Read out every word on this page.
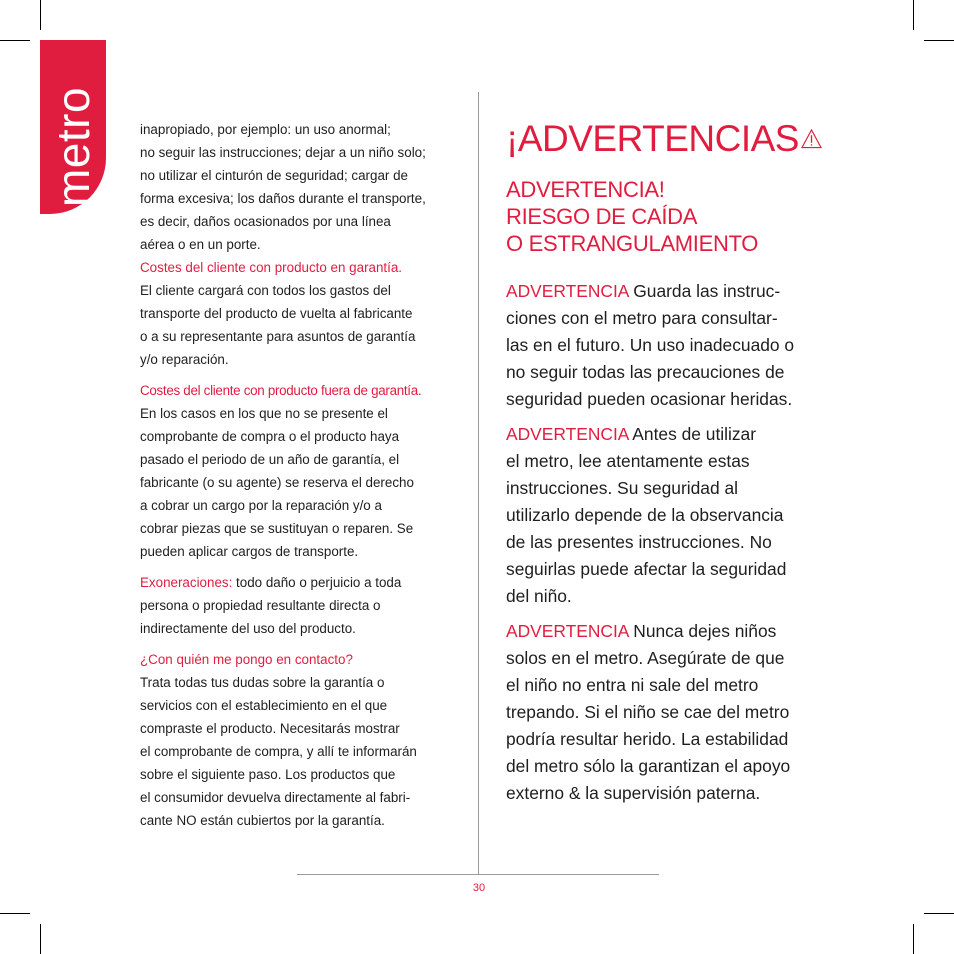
metro	inapropiado, por ejemplo: un uso anormal;
no seguir las instrucciones; dejar a un niño solo;
no utilizar el cinturón de seguridad; cargar de
forma excesiva; los daños durante el transporte,
es decir, daños ocasionados por una línea
aérea o en un porte.

Costes del cliente con producto en garantía.
El cliente cargará con todos los gastos del
transporte del producto de vuelta al fabricante
o a su representante para asuntos de garantía
y/o reparación.

Costes del cliente con producto fuera de garantía.
En los casos en los que no se presente el
comprobante de compra o el producto haya
pasado el periodo de un año de garantía, el
fabricante (o su agente) se reserva el derecho
a cobrar un cargo por la reparación y/o a
cobrar piezas que se sustituyan o reparen. Se
pueden aplicar cargos de transporte.

Exoneraciones: todo daño o perjuicio a toda
persona o propiedad resultante directa o
indirectamente del uso del producto.

¿Con quién me pongo en contacto?
Trata todas tus dudas sobre la garantía o
servicios con el establecimiento en el que
compraste el producto. Necesitarás mostrar
el comprobante de compra, y allí te informarán
sobre el siguiente paso. Los productos que
el consumidor devuelva directamente al fabri-
cante NO están cubiertos por la garantía.

30
¡ADVERTENCIAS
ADVERTENCIA!
RIESGO DE CAÍDA
O ESTRANGULAMIENTO

ADVERTENCIA Guarda las instruc-
ciones con el metro para consultar-
las en el futuro. Un uso inadecuado o
no seguir todas las precauciones de
seguridad pueden ocasionar heridas.

ADVERTENCIA Antes de utilizar
el metro, lee atentamente estas
instrucciones. Su seguridad al
utilizarlo depende de la observancia
de las presentes instrucciones. No
seguirlas puede afectar la seguridad
del niño.

ADVERTENCIA Nunca dejes niños
solos en el metro. Asegúrate de que
el niño no entra ni sale del metro
trepando. Si el niño se cae del metro
podría resultar herido. La estabilidad
del metro sólo la garantizan el apoyo
externo & la supervisión paterna.
